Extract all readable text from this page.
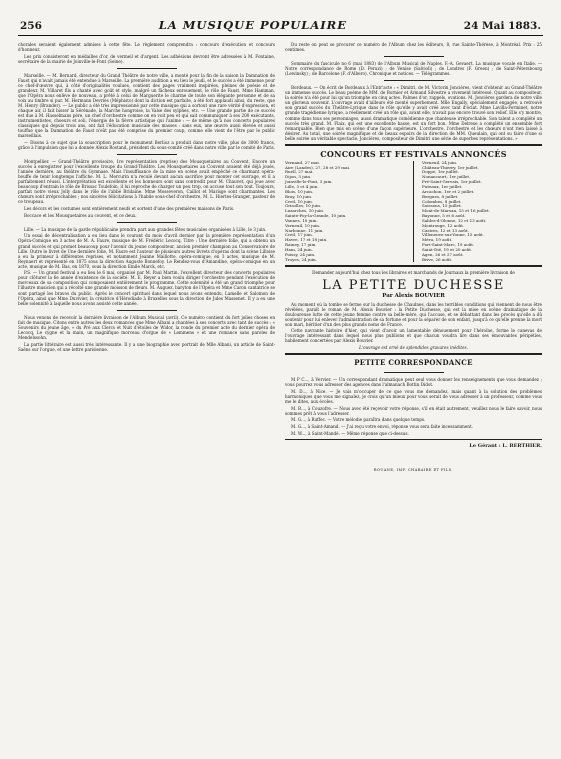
256	LA MUSIQUE POPULAIRE	24 Mai 1883.

chorales seraient également admises à cette fête. Le règlement comprendra : concours d'exécution et concours d'honneur.

Les prix consisteront en médailles d'or, de vermeil et d'argent. Les adhésions devront être adressées à M. Fontaine, secrétaire de la mairie de Joinville-le-Pont (Seine).

Marseille. — M. Bernard, directeur du Grand Théâtre de notre ville, a monté pour la fin de la saison la Damnation de Faust qui n'avait jamais été entendue à Marseille. La première audition a eu lieu le jeudi, et le succès a été immense pour ce chef-d'œuvre qui, à côté d'originalités voulues, contient des pages vraiment inspirées, pleines de poésie et de grandeur. M. Villaret fils a chanté avec goût et style, malgré un fâcheux enrouement, le rôle de Faust. Mme Hamman, que l'Opéra nous enlève de nouveau, a prêté à celui de Marguerite le charme de toute son élégante personne et de sa voix au timbre si pur. M. Hermann Devriès (Méphisto) dont la diction est parfaite, a été fort applaudi ainsi, du reste, que M. Henry (Brander). — Le public a été très impressionné par cette musique qui a sortout une rare vérité d'expression, et chaque air, il fait bisser la Sérénade, la Marche hongroise, la Valse des sylphes, etc. — Une grande partie de ce succès est due à M. Hasselmans père, un chef d'orchestre comme on en voit peu et qui sait communiquer à ses 200 exécutants, instrumentistes, choeurs et soli, l'énergie de la fièvre artistique qui l'anime : — de même qu'à nos concerts populaires classiques qui depuis trois ans, ont fait l'éducation musicale des masses : sans eux, une œuvre aussi élevée et aussi touffue que la Damnation de Faust n'eût pas été comprise du premier coup, comme elle vient de l'être par le public marseillais.

— Disons à ce sujet que la souscription pour le monument Berlioz a produit dans notre ville, plus de 3000 francs, grâce à l'impulsion que lui a donnée Alexis Rostand, président du sous-comité créé dans notre ville par le comité de Paris.

Montpellier. — Grand-Théâtre provisoire, 1re représentation (reprise) des Mousquetaires au Couvent. Encore un succès à enregistrer pour l'excellente troupe du Grand-Théâtre. Les Mousquetaires au Couvent avaient été déjà joués, l'année dernière, au théâtre du Gymnase. Mais l'insuffisance de la mise en scène avait empêché ce charmant opéra-bouffe de tenir longtemps l'affiche. M. L. Mercurin n'a reculé devant aucun sacrifice pour monter cet ouvrage, et il a parfaitement réussi. L'interprétation est excellente et les honneurs sont sans contredit pour M. Chauvet, qui joue avec beaucoup d'entrain le rôle de Brissac Toulefoin, il lui reproche de charger un peu trop, on accuse tout son tout. Toujours, parfait notre vieux Jolly dans le rôle de l'abbé Bridaine. Mme Mosseveron, Caillot et Marisge sont charmantes. Les chœurs sont irréprochables ; nos sincères félicitations à l'habile sous-chef d'orchestre, M. L. Hiertes-Granger, pasteur de ce troupeau.

Les décors et les costumes sont entièrement neufs et sortent d'une des premières maisons de Paris.

Boccace et les Mousquetaires au couvent, et ce deux.

Lille. — La musique de la garde républicaine prendra part aux grandes fêtes musicales organisées à Lille, le 3 juin.

Un essai de décentralisation a eu lieu dans le courant du mois d'avril dernier par la première représentation d'un Opéra-Comique en 3 actes de M. A. Faure, musique de M. Frédéric Lecocq. Titre : Une dernière folie, qui a obtenu un grand succès et qui promet beaucoup pour l'avenir du jeune compositeur, ancien premier champion au Conservatoire de Lille. Outre le livret de Une dernière folie, M. Faure est l'auteur de plusieurs autres livrets d'opéras dont la scène Lilloise a eu la primeur à différentes reprises, et notamment Jeanne Maillotte, opéra-comique, en 3 actes, musique de M. Reynaert et représenté en 1875 sous la direction Auguste Bonnefoy. Le Rendez-vous d'Amandine, opéra-comique en un acte, musique de M. Bas, en 1870, sous la direction Emile Marck, etc.

P.S. — Un grand festival a eu lieu le 6 mai, organisé par M. Paul Martin, l'excellent directeur des concerts populaires pour clôturer la 6e année d'existence de la société. M. E. Reyer a bien voulu diriger l'orchestre pendant l'exécution de morceaux de sa composition qui composaient entièrement le programme. Cette solennité a été un grand triomphe pour l'illustre musicien qui a récolté une grande moisson de fleurs. M. Auguez, baryton de l'Opéra et Mme Caron cantatrice se sont partagé les bravos du public. Après le concert spirituel dans lequel nous avons entendu, Lamelle et Salomon de l'Opéra, ainsi que Mme Duvivier, la créatrice d'Hérodiade à Bruxelles sous la direction de Jules Massenet. Il y a eu une belle solennité à laquelle nous avons assisté cette année.

Nous venons de recevoir la dernière livraison de l'Album Musical (avril). Ce numéro contient du fort jolies choses en fait de musique. Citons entre autres les deux romances que Mme Albani a chantées à ses concerts avec tant de succès : « Souvenirs du jeune âge, » du Pré aux Clercs et Nuit d'étoiles de Widor, la ronde du premier acte du dernier opéra de Lecocq, Le cygne et la main, un magnifique morceau d'orgue de « Lemmens » et une romance sans paroles de Mendelssohn.

La partie littéraire est aussi très intéressante. Il y a une biographie avec portrait de Mlle Albani, un article de Saint-Saëns sur l'orgue, et une lettre parisienne.

Du reste on peut se procurer ce numéro de l'Album chez les éditeurs, 8, rue Sainte-Thérèse, à Montréal. Prix : 25 centimes.

Sommaire du fascicule no 6 (mai 1883) de l'Album Musical de Naples. F.-A. Gevaert. La musique vocale en Italie. — Notre correspondance de Rome (D. Peruzi) ; de Venise (Salvioli) ; de Londres (F. Green) ; de Saint-Pétersbourg (Lewinsky) ; de Barcelone (F. d'Albero). Chronique et notices. — Télégrammes.

Bordeaux. — On écrit de Bordeaux à l'Entr'acte : « Dimitri, de M. Victorin Joncières, vient d'obtenir au Grand-Théâtre un immense succès. Le beau poème de MM. de Bornier et Armand Silvestre a vivement intéressé. Quant au compositeur, la soirée n'a été pour lui qu'un triomphe en cinq actes. Palmes d'or, rappels, ovations. M. Joncières gardera de notre ville un glorieux souvenir. L'ouvrage avait d'ailleurs été monté superbement. Mlle Engally, spécialement engagée, a retrouvé son grand succès du Théâtre-Lyrique dans le rôle qu'elle y avait créé avec tant d'éclat. Mme Lavilla-Ferminet, notre grande tragédienne lyrique, a réellement créé un rôle qui, avant elle, n'avait pas encore trouvé son relief. Elle s'y montre, comme dans tous ses personnages, aussi dramatique comédienne que chanteuse irréprochable. Son talent a complété un succès très grand. M. Flaix, qui est une excellente basse, est un fort bon. Mme Delrexe a complété un ensemble fort remarquable. Bien que mis en scène d'une façon supérieure. L'orchestre, l'orchestre et les chœurs n'ont rien laissé à désirer. Au total, une soirée magnifique et de beaux espoirs de la direction de MM. Queulain, qui ont su faire d'une si belle soirée un véritable spectacle. Joncières, compositeur de Dimitri une série de superbes représentations. »

CONCOURS ET FESTIVALS ANNONCÉS
Vernand, 27 mai.
Aire (Landes), 27, 28 et 29 mai.
Ruell, 27 mai.
Dijon, 3 juin.
Joinville-le-Pont, 3 juin.
Lille, 3 et 4 juin.
Blois, 10 juin.
Bray, 10 juin.
Creil, 10 juin.
Grisolles, 10 juin.
Luzarches, 10 juin.
Sainte-Foy-la-Grande, 10 juin.
Vannes, 10 juin.
Verneuil, 10 juin.
Narbonne, 11 juin.
Creil, 17 juin.
Havre, 17 et 18 juin.
Rainey, 17 juin.
Ham, 24 juin.
Poissy, 24 juin.
Troyes, 24 juin.
Verneuil, 24 juin.
Château-Thierry, 1er juillet.
Doppe, 1er juillet.
Nonancourt, 1er juillet.
Pré-Saint-Gervais, 1er juillet.
Puteaux, 1er juillet.
Arcachon, 1er et 2 juillet.
Bergues, 8 juillet.
Colombes, 8 juillet.
Soissons, 15 juillet.
Mont-de-Marsan, 15 et 16 juillet.
Bayonne, 5 et 6 août.
Sables-d'Olonne, 12 et 13 août.
Montrouge, 12 août.
Castres, 12 et 13 août.
Villeneuve-sur-Yonne, 15 août.
Méru, 19 août.
Fort-Saint-Marc, 19 août.
Saint-Dié, 19 et 20 août.
Agen, 26 et 27 août.
Brive, 26 août.

Demander aujourd'hui chez tous les libraires et marchands de Journaux la première livraison de

LA PETITE DUCHESSE
Par Alexis BOUVIER

Au moment où la tombe se ferme sur la duchesse de Chaulnes, dans les terribles conditions qui viennent de nous être révélées, paraît le roman de M. Alexis Bouvier : la Petite Duchesse, qui est la mise en scène dramatique de la douloureuse lutte de cette jeune femme contre sa belle-mère, qui l'accuse, et se débattant dans les procès qu'elle a dû soutenir pour lui enlever l'administration de sa fortune et pour la séparer de son enfant, jusqu'à ce qu'elle prenne la mort son mari, héritier d'un des plus grands noms de France.

Cette navrante histoire d'hier, qui vient d'avoir un lamentable dénouement pour l'héroïne, forme le canevas de l'ouvrage intéressant dans lequel nous plus publions et que chacun voudra lire dans ses émouvantes péripéties, habilement concertées par Alexis Bouvier.

L'ouvrage est orné de splendides gravures inédites.

PETITE CORRESPONDANCE

M P C..., à Vervier. — Un correspondant dramatique peut seul vous donner les renseignements que vous demandez ; vous pourrez vous adresser des agences dans l'almanach Bottin Didot.

M. D..., à Nice. — Je vais m'occuper de ce que vous me demandez, mais quant à la solution des problèmes harmoniques que vous me signalez, je crois qu'un mieux pour vous serait de vous adresser à un professeur, comme vous me le dites, aux écoles.

M. B..., à Couzofre. — Nous avec été reçevoir votre réponse, s'il en était autrement, veuillez nous le faire savoir, nous sommes prêt à vous l'adresser.

M. G..., à Ruffec. — Votre mélodie paraîtra dans quelque temps.

M. G..., à Saint-Amand. — J'ai reçu votre envoi, réponse vous sera faite incessamment.

M. W..., à Saint-Mandé. — Même réponse que ci-dessus.

Le Gérant : L. BERTHIER.
ROUANE, IMP. CHARAIRE ET FILS.
